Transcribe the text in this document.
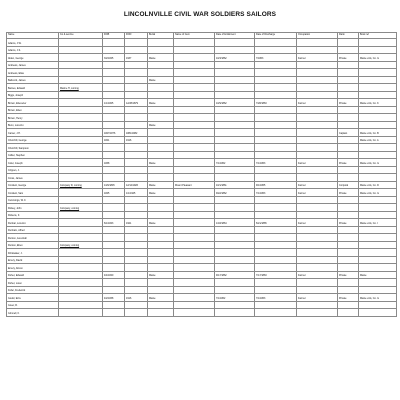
LINCOLNVILLE CIVIL WAR SOLDIERS SAILORS
Name	Co & service	DOB	DOD	Burial	Name of Cem	Date of Enlistment	Date of Discharge	Occupation	Rank	Book ref
Adams, J.W.										
Adams, J.S.										
Alden, George		3/2/1845	1937	Maine		10/3/1862	7/1863	Farmer	Private	Maine vols, Co. G
Andrews, James										
Andrews, Elias										
Babcock, James				Maine						
Barnes, Edward	Marine H, coming									
Biggs, Joseph										
Brown, Ebenezer		1/1/1825	12/28/1879	Maine		10/9/1862	7/28/1863	Farmer	Private	Maine vols, Co. K
Brown, Eben										
Brown, Henry										
Bunn, Lorenzo				Maine						
Carver, J.H.		1827/1876	1881/1882						Captain	Maine vols, Co. B
Churchill, George		1841	1916							Maine vols, Co. A
Churchill, Sampson										
Collier, Stephen										
Coler, Joseph		1838		Maine		7/1/1862	7/1/1863	Farmer	Private	Maine vols, Co. G
Crippen, J.										
Cross, James										
Crockett, George	Company D, coming	1/26/1845	12/14/1926	Maine	Mount Pleasant	10/1/1861	9/1/1865	Farmer	Corporal	Maine vols, Co. D
Crockett, Sam		1845	1/1/1925	Maine		9/22/1862	7/1/1863	Farmer	Private	Maine vols, Co. G
Cummings, W. F.										
Dickey, John	Company, coming									
Dickens, F.										
Dunbar, Lorenzo		6/1/1843	1921	Maine		1/18/1864	6/21/1865	Farmer	Private	Maine vols, Co. I
Dunham, Alfred										
Dunton, Jeremiah										
Dunton, Eben	Company, coming									
Drinkwater, J.										
Emery, David										
Emery, Almon										
Fisher, Edward		4/4/1840		Maine		9/17/1862	7/17/1863	Farmer	Private	Maine
Fisher, Loren										
Fuller, Frederick										
Gould, Ezra		4/2/1838	1916	Maine		7/1/1862	7/1/1863	Farmer	Private	Maine vols, Co. G
Greer, R.										
Grinnell, F.										
